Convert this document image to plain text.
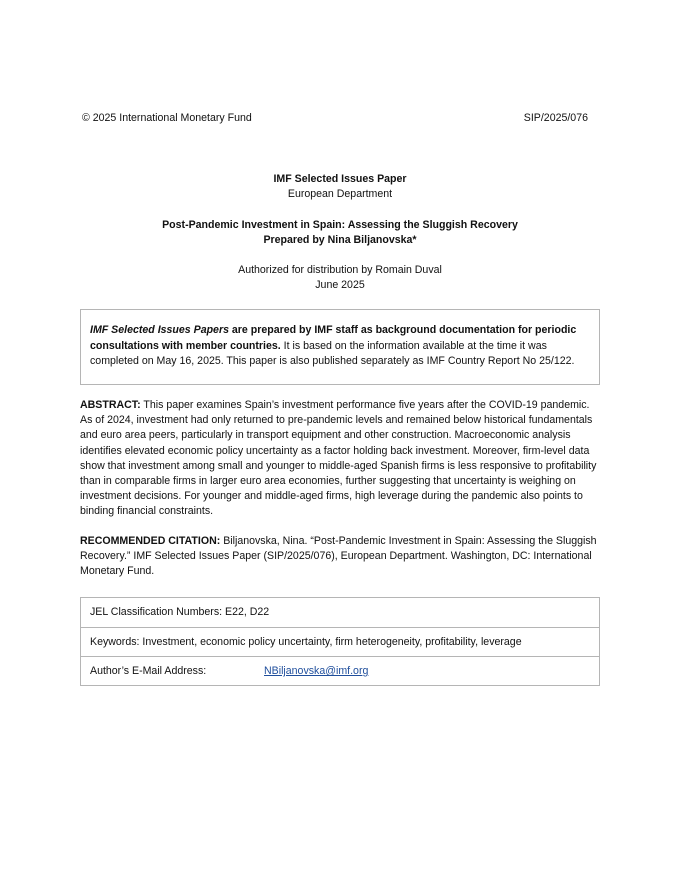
© 2025 International Monetary Fund	SIP/2025/076
IMF Selected Issues Paper
European Department
Post-Pandemic Investment in Spain: Assessing the Sluggish Recovery
Prepared by Nina Biljanovska*
Authorized for distribution by Romain Duval
June 2025
IMF Selected Issues Papers are prepared by IMF staff as background documentation for periodic consultations with member countries. It is based on the information available at the time it was completed on May 16, 2025. This paper is also published separately as IMF Country Report No 25/122.
ABSTRACT: This paper examines Spain’s investment performance five years after the COVID-19 pandemic. As of 2024, investment had only returned to pre-pandemic levels and remained below historical fundamentals and euro area peers, particularly in transport equipment and other construction. Macroeconomic analysis identifies elevated economic policy uncertainty as a factor holding back investment. Moreover, firm-level data show that investment among small and younger to middle-aged Spanish firms is less responsive to profitability than in comparable firms in larger euro area economies, further suggesting that uncertainty is weighing on investment decisions. For younger and middle-aged firms, high leverage during the pandemic also points to binding financial constraints.
RECOMMENDED CITATION: Biljanovska, Nina. “Post-Pandemic Investment in Spain: Assessing the Sluggish Recovery.” IMF Selected Issues Paper (SIP/2025/076), European Department. Washington, DC: International Monetary Fund.
JEL Classification Numbers: E22, D22
Keywords: Investment, economic policy uncertainty, firm heterogeneity, profitability, leverage
Author’s E-Mail Address:	NBiljanovska@imf.org
